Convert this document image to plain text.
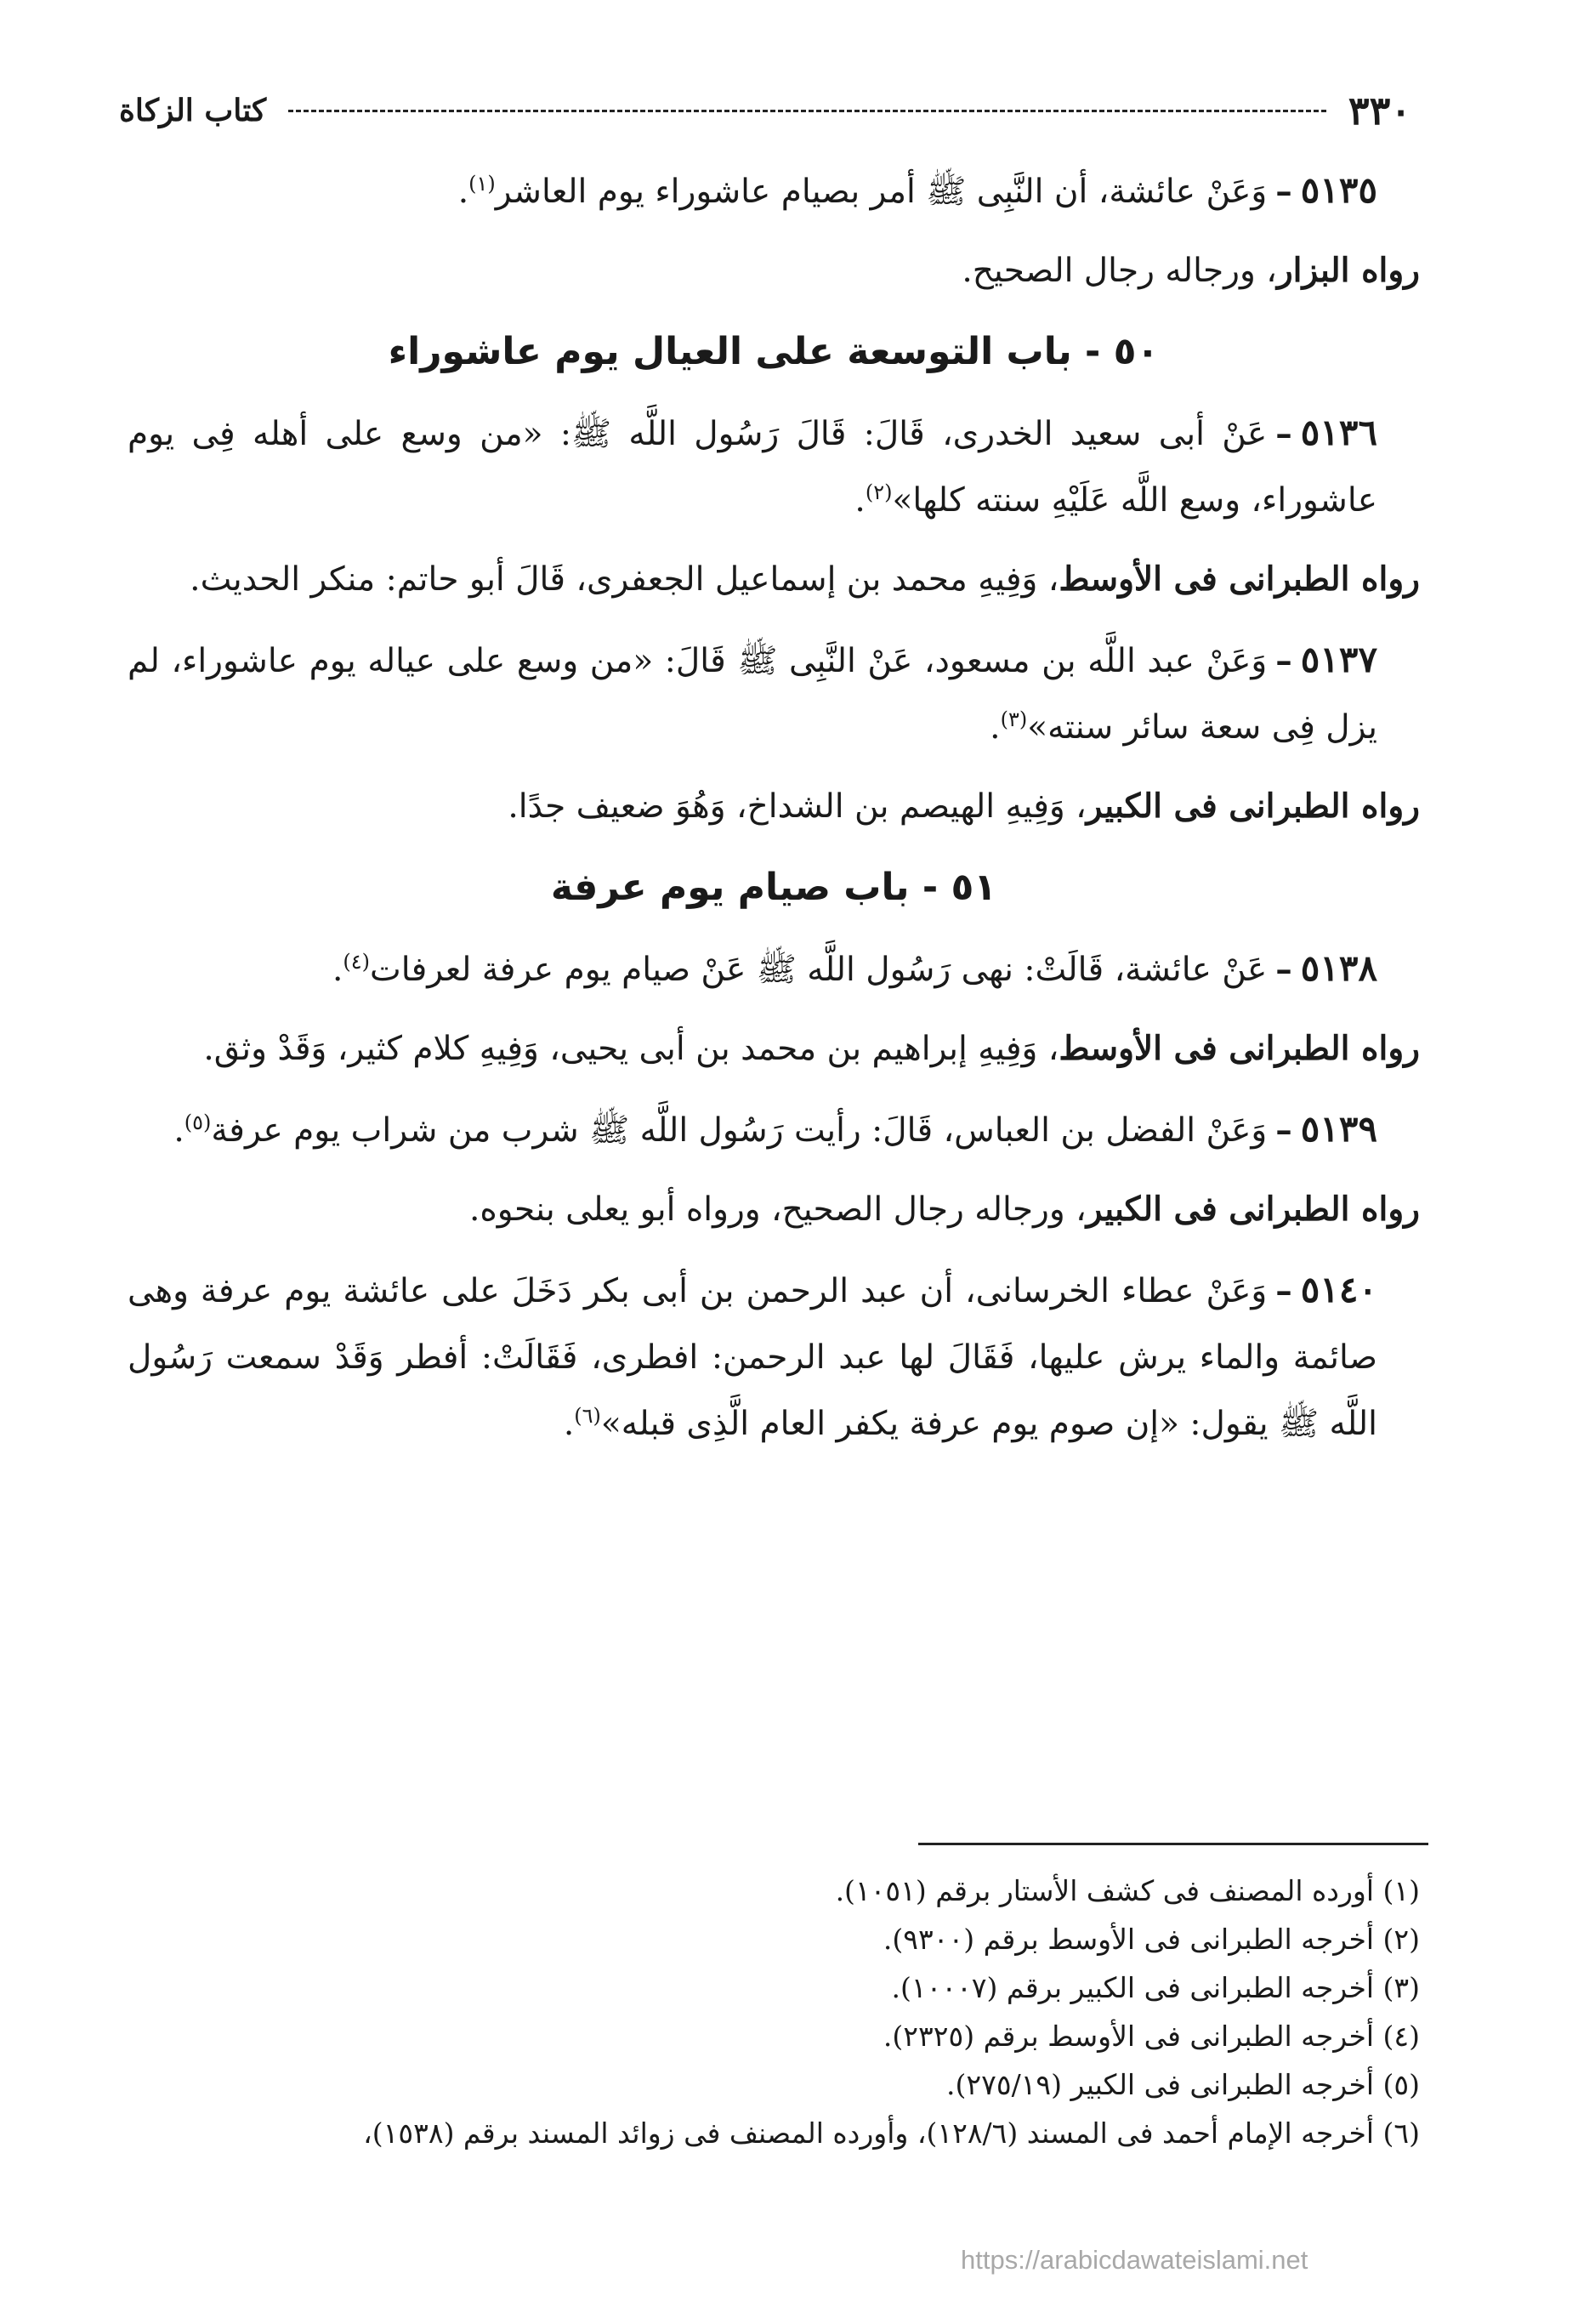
٣٣٠
كتاب الزكاة

٥١٣٥–وَعَنْ عائشة، أن النَّبِى ﷺ أمر بصيام عاشوراء يوم العاشر$^{(١)}$.

رواه البزار، ورجاله رجال الصحيح.

٥٠ - باب التوسعة على العيال يوم عاشوراء

٥١٣٦–عَنْ أبى سعيد الخدرى، قَالَ: قَالَ رَسُول اللَّه ﷺ: «من وسع على أهله فِى يوم عاشوراء، وسع اللَّه عَلَيْهِ سنته كلها»$^{(٢)}$.

رواه الطبرانى فى الأوسط، وَفِيهِ محمد بن إسماعيل الجعفرى، قَالَ أبو حاتم: منكر الحديث.

٥١٣٧–وَعَنْ عبد اللَّه بن مسعود، عَنْ النَّبِى ﷺ قَالَ: «من وسع على عياله يوم عاشوراء، لم يزل فِى سعة سائر سنته»$^{(٣)}$.

رواه الطبرانى فى الكبير، وَفِيهِ الهيصم بن الشداخ، وَهُوَ ضعيف جدًا.

٥١ - باب صيام يوم عرفة

٥١٣٨–عَنْ عائشة، قَالَتْ: نهى رَسُول اللَّه ﷺ عَنْ صيام يوم عرفة لعرفات$^{(٤)}$.

رواه الطبرانى فى الأوسط، وَفِيهِ إبراهيم بن محمد بن أبى يحيى، وَفِيهِ كلام كثير، وَقَدْ وثق.

٥١٣٩–وَعَنْ الفضل بن العباس، قَالَ: رأيت رَسُول اللَّه ﷺ شرب من شراب يوم عرفة$^{(٥)}$.

رواه الطبرانى فى الكبير، ورجاله رجال الصحيح، ورواه أبو يعلى بنحوه.

٥١٤٠–وَعَنْ عطاء الخرسانى، أن عبد الرحمن بن أبى بكر دَخَلَ على عائشة يوم عرفة وهى صائمة والماء يرش عليها، فَقَالَ لها عبد الرحمن: افطرى، فَقَالَتْ: أفطر وَقَدْ سمعت رَسُول اللَّه ﷺ يقول: «إن صوم يوم عرفة يكفر العام الَّذِى قبله»$^{(٦)}$.

(١) أورده المصنف فى كشف الأستار برقم (١٠٥١).

(٢) أخرجه الطبرانى فى الأوسط برقم (٩٣٠٠).

(٣) أخرجه الطبرانى فى الكبير برقم (١٠٠٠٧).

(٤) أخرجه الطبرانى فى الأوسط برقم (٢٣٢٥).

(٥) أخرجه الطبرانى فى الكبير (٢٧٥/١٩).

(٦) أخرجه الإمام أحمد فى المسند (١٢٨/٦)، وأورده المصنف فى زوائد المسند برقم (١٥٣٨)،

https://arabicdawateislami.net
